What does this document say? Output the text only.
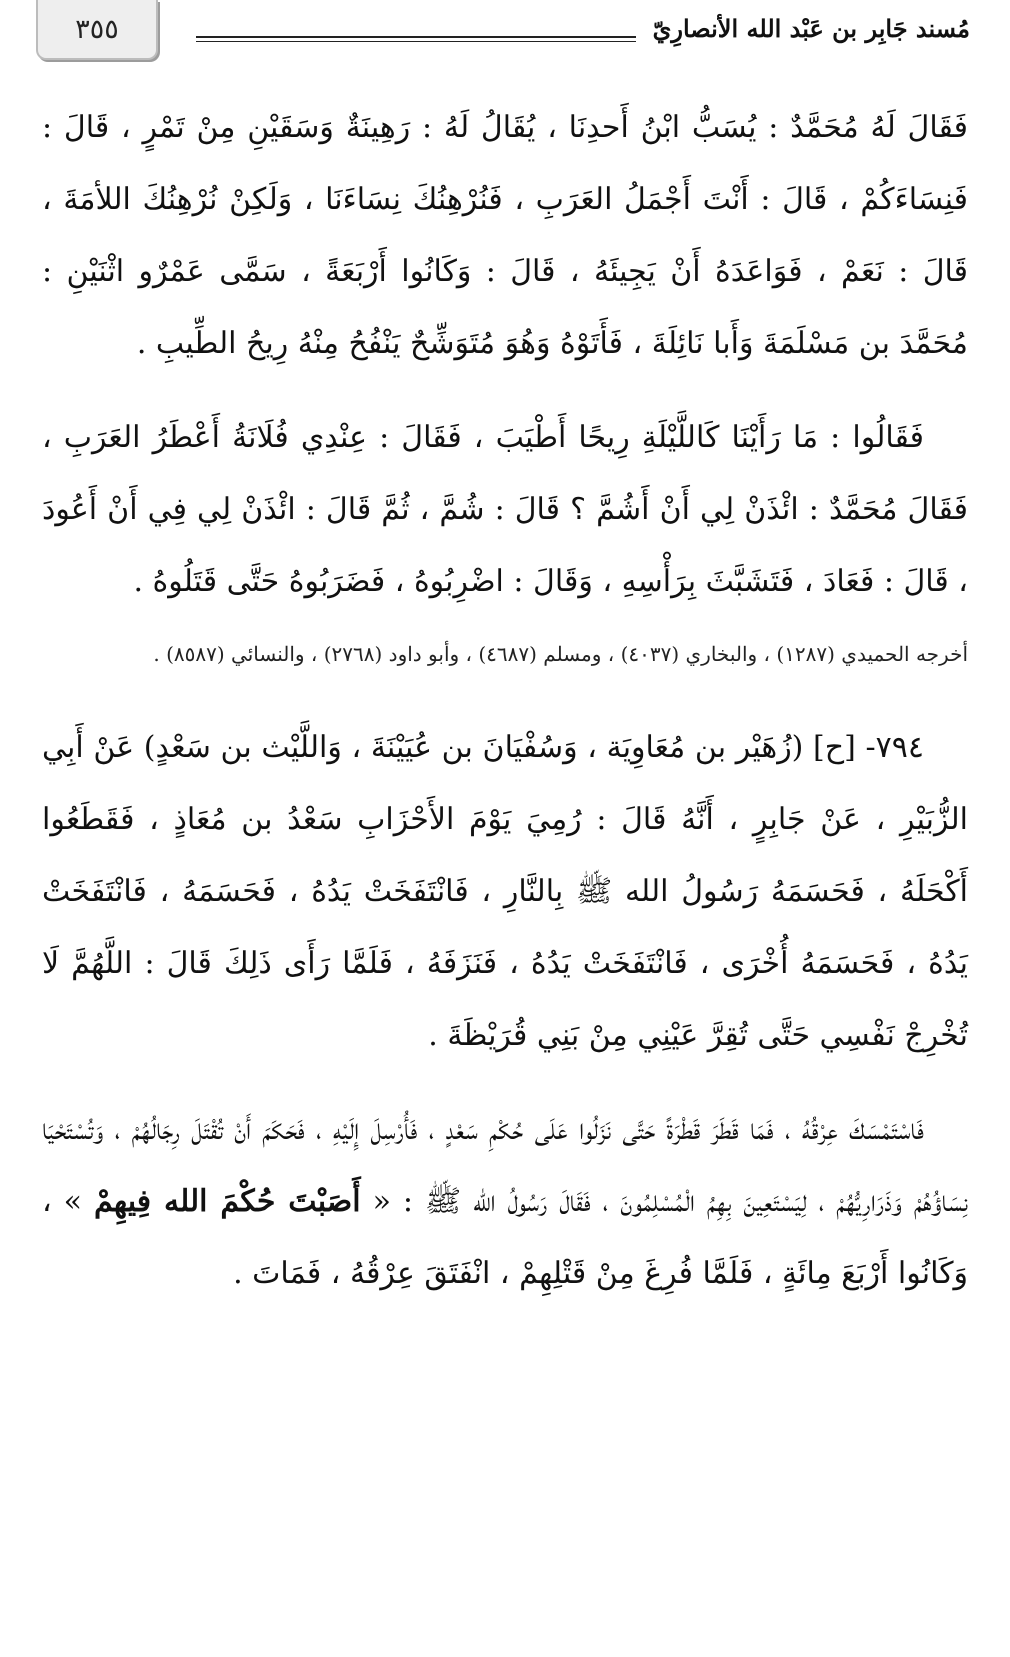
٣٥٥	مُسند جَابِر بن عَبْد الله الأنصارِيّ

فَقَالَ لَهُ مُحَمَّدٌ : يُسَبُّ ابْنُ أَحدِنَا ، يُقَالُ لَهُ : رَهِينَةٌ وَسَقَيْنِ مِنْ تَمْرٍ ، قَالَ : فَنِسَاءَكُمْ ، قَالَ : أَنْتَ أَجْمَلُ العَرَبِ ، فَنُرْهِنُكَ نِسَاءَنَا ، وَلَكِنْ نُرْهِنُكَ اللأمَةَ ، قَالَ : نَعَمْ ، فَوَاعَدَهُ أَنْ يَجِيئَهُ ، قَالَ : وَكَانُوا أَرْبَعَةً ، سَمَّى عَمْرٌو اثْنَيْنِ : مُحَمَّدَ بن مَسْلَمَةَ وَأَبا نَائِلَةَ ، فَأَتَوْهُ وَهُوَ مُتَوَشِّحٌ يَنْفُحُ مِنْهُ رِيحُ الطِّيبِ .

فَقَالُوا : مَا رَأَيْنَا كَاللَّيْلَةِ رِيحًا أَطْيَبَ ، فَقَالَ : عِنْدِي فُلَانَةُ أَعْطَرُ العَرَبِ ، فَقَالَ مُحَمَّدٌ : ائْذَنْ لِي أَنْ أَشُمَّ ؟ قَالَ : شُمَّ ، ثُمَّ قَالَ : ائْذَنْ لِي فِي أَنْ أَعُودَ ، قَالَ : فَعَادَ ، فَتَشَبَّثَ بِرَأْسِهِ ، وَقَالَ : اضْرِبُوهُ ، فَضَرَبُوهُ حَتَّى قَتَلُوهُ .

أخرجه الحميدي (١٢٨٧) ، والبخاري (٤٠٣٧) ، ومسلم (٤٦٨٧) ، وأبو داود (٢٧٦٨) ، والنسائي (٨٥٨٧) .

٧٩٤- [ح] (زُهَيْر بن مُعَاوِيَة ، وَسُفْيَانَ بن عُيَيْنَةَ ، وَاللَّيْث بن سَعْدٍ) عَنْ أَبِي الزُّبَيْرِ ، عَنْ جَابِرٍ ، أَنَّهُ قَالَ : رُمِيَ يَوْمَ الأَحْزَابِ سَعْدُ بن مُعَاذٍ ، فَقَطَعُوا أَكْحَلَهُ ، فَحَسَمَهُ رَسُولُ الله ﷺ بِالنَّارِ ، فَانْتَفَخَتْ يَدُهُ ، فَحَسَمَهُ ، فَانْتَفَخَتْ يَدُهُ ، فَحَسَمَهُ أُخْرَى ، فَانْتَفَخَتْ يَدُهُ ، فَنَزَفَهُ ، فَلَمَّا رَأَى ذَلِكَ قَالَ : اللَّهُمَّ لَا تُخْرِجْ نَفْسِي حَتَّى تُقِرَّ عَيْنِي مِنْ بَنِي قُرَيْظَةَ .

فَاسْتَمْسَكَ عِرْقُهُ ، فَمَا قَطَرَ قَطْرَةً حَتَّى نَزَلُوا عَلَى حُكْمِ سَعْدٍ ، فَأُرْسِلَ إِلَيْهِ ، فَحَكَمَ أَنْ تُقْتَلَ رِجَالُهُمْ ، وَتُسْتَحْيَا نِسَاؤُهُمْ وَذَرَارِيُّهُمْ ، لِيَسْتَعِينَ بِهِمُ الْمُسْلِمُونَ ، فَقَالَ رَسُولُ الله ﷺ : « أَصَبْتَ حُكْمَ الله فِيهِمْ » ، وَكَانُوا أَرْبَعَ مِائَةٍ ، فَلَمَّا فُرِغَ مِنْ قَتْلِهِمْ ، انْفَتَقَ عِرْقُهُ ، فَمَاتَ .
